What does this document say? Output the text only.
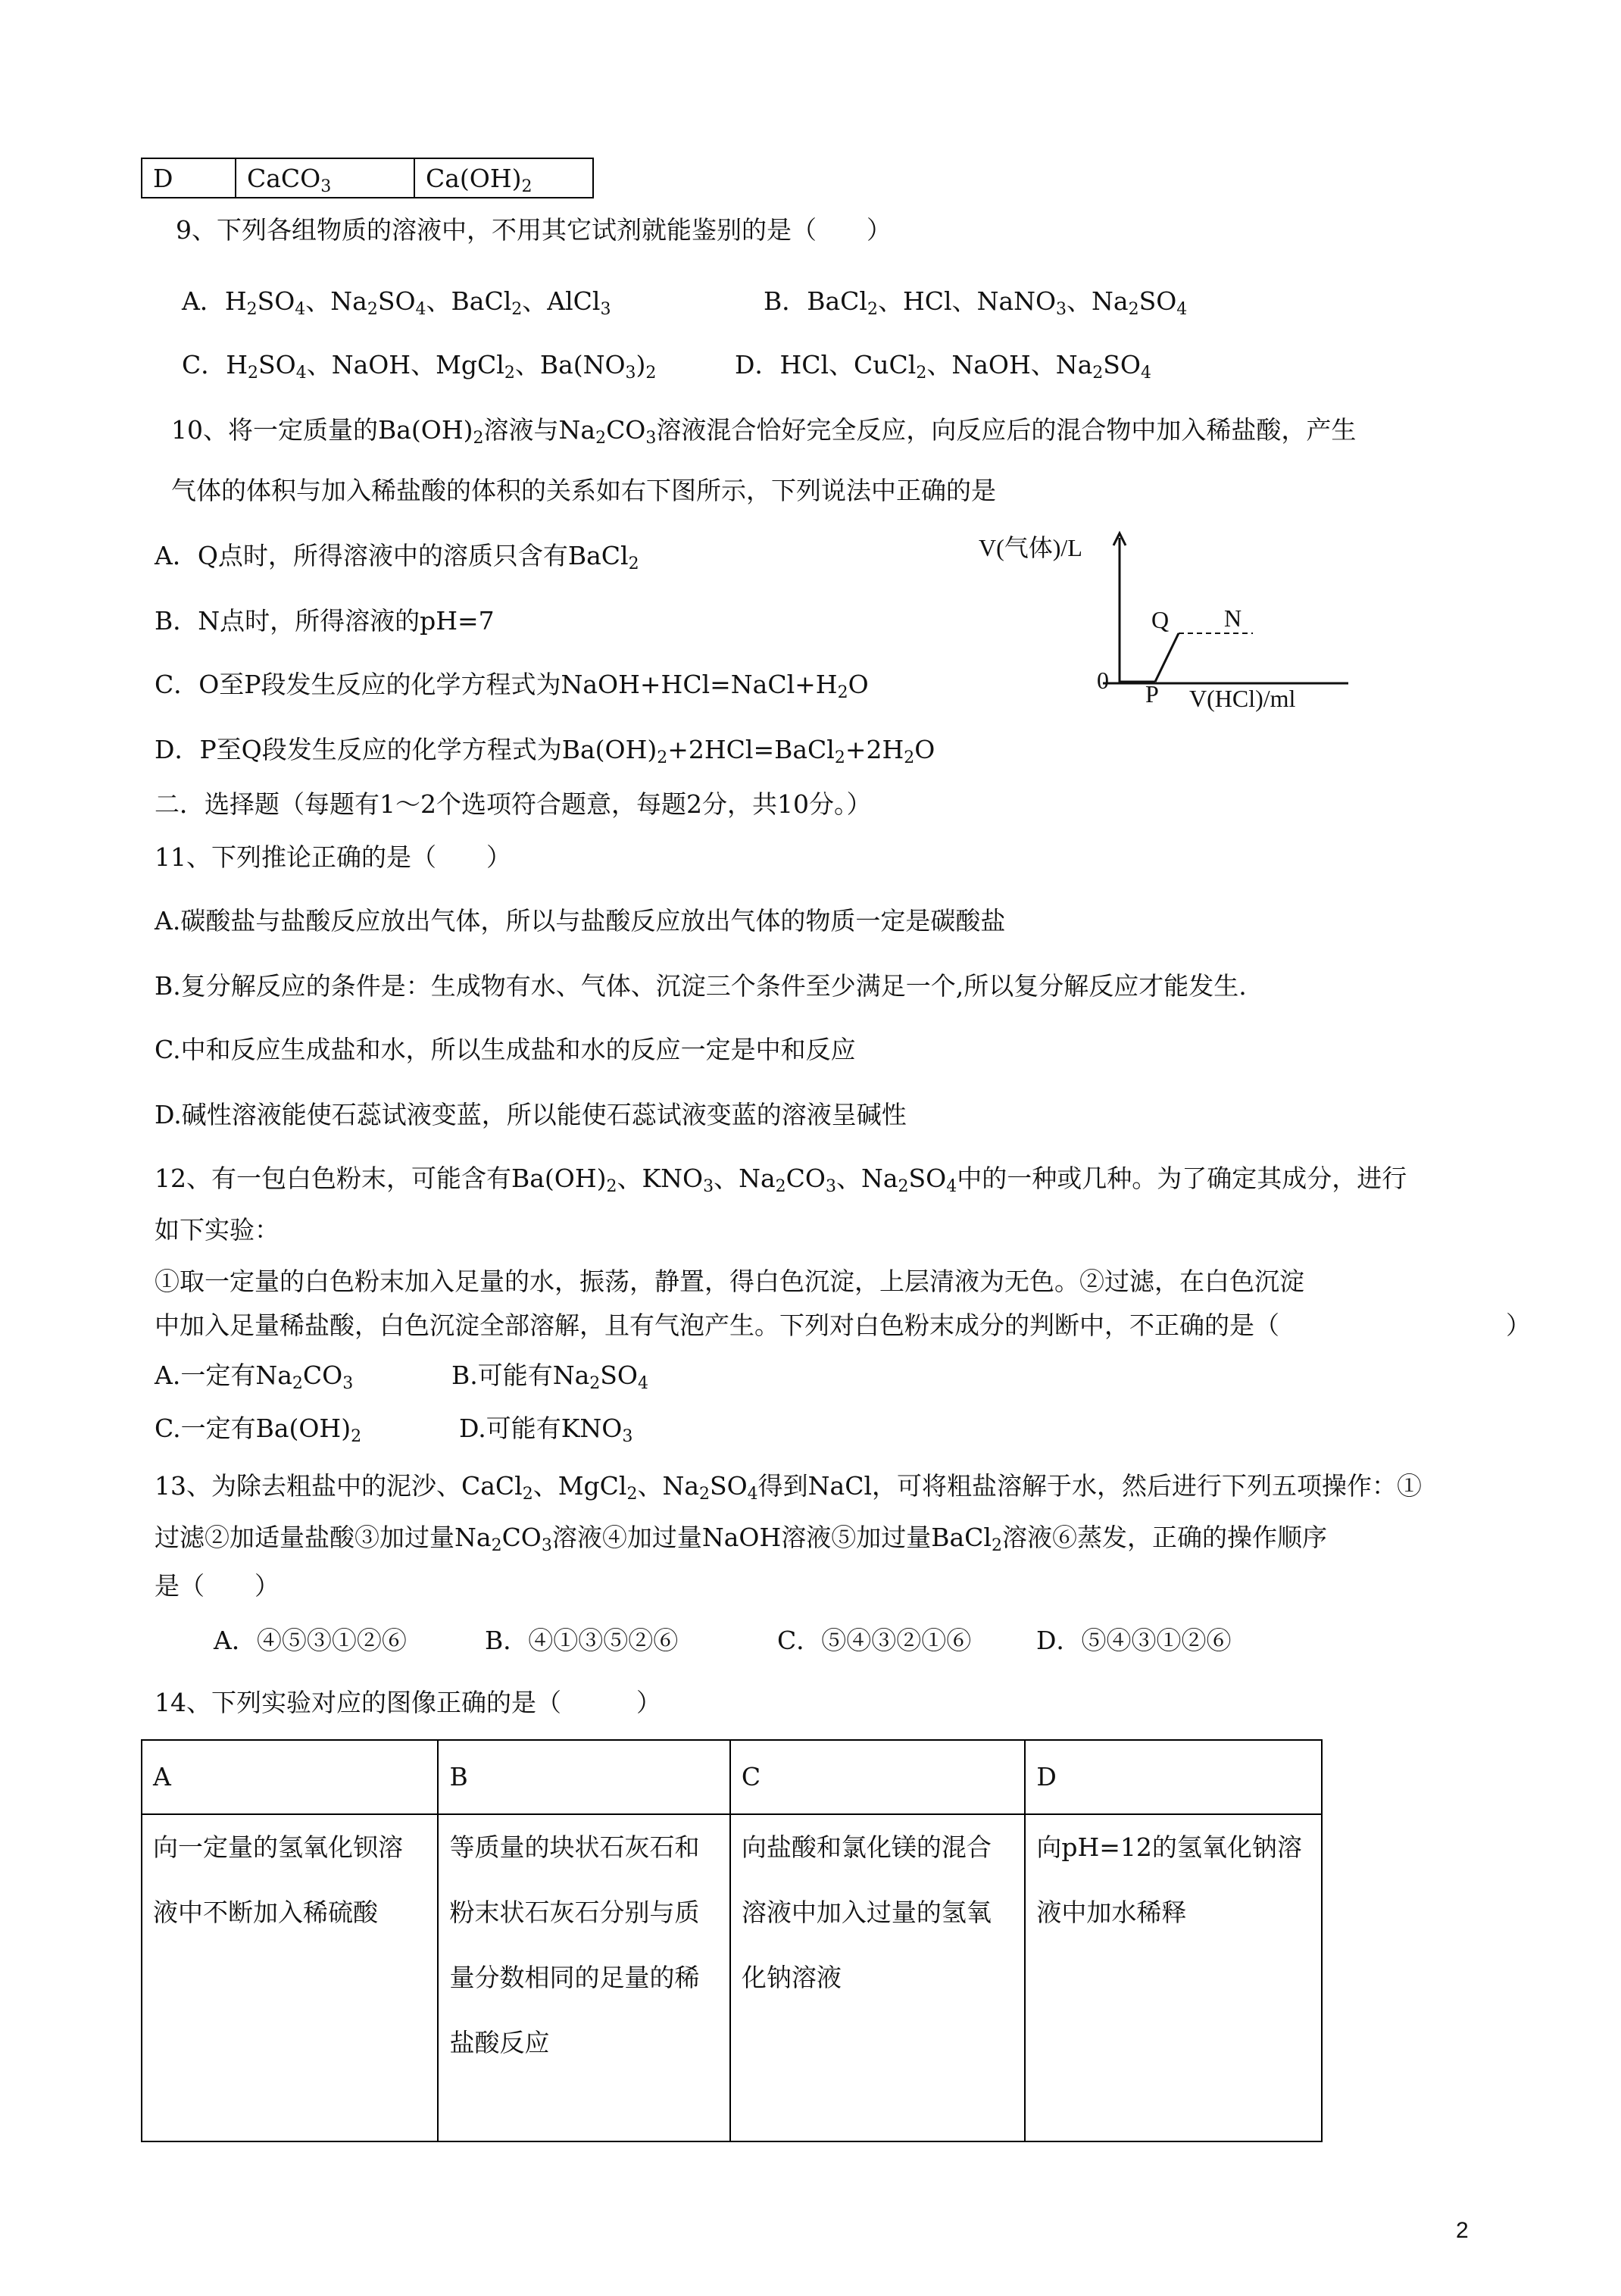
D	CaCO$_3$	$Ca(OH)_2$
9、下列各组物质的溶液中，不用其它试剂就能鉴别的是（　　）
A．$H_2SO_4$、$Na_2SO_4$、BaCl$_2$、AlCl$_3$	B．BaCl$_2$、HCl、NaNO$_3$、$Na_2SO_4$
C．$H_2SO_4$、NaOH、MgCl$_2$、$Ba(NO_3)_2$	D．HCl、CuCl$_2$、NaOH、$Na_2SO_4$
10、将一定质量的$Ba(OH)_2$溶液与$Na_2CO_3$溶液混合恰好完全反应，向反应后的混合物中加入稀盐酸，产生
气体的体积与加入稀盐酸的体积的关系如右下图所示，下列说法中正确的是
A．Q点时，所得溶液中的溶质只含有BaCl$_2$
B．N点时，所得溶液的pH=7
C．O至P段发生反应的化学方程式为$NaOH+HCl=NaCl+H_2O$
D．P至Q段发生反应的化学方程式为$Ba(OH)_2+2HCl=BaCl_2+2H_2O$
V(气体)/L
V(HCl)/ml
0 P
Q N
二．选择题（每题有1～2个选项符合题意，每题2分，共10分。）
11、下列推论正确的是（　　）
A.碳酸盐与盐酸反应放出气体，所以与盐酸反应放出气体的物质一定是碳酸盐
B.复分解反应的条件是：生成物有水、气体、沉淀三个条件至少满足一个,所以复分解反应才能发生.
C.中和反应生成盐和水，所以生成盐和水的反应一定是中和反应
D.碱性溶液能使石蕊试液变蓝，所以能使石蕊试液变蓝的溶液呈碱性
12、有一包白色粉末，可能含有$Ba(OH)_2$、$KNO_3$、$Na_2CO_3$、$Na_2SO_4$中的一种或几种。为了确定其成分，进行
如下实验：
①取一定量的白色粉末加入足量的水，振荡，静置，得白色沉淀，上层清液为无色。②过滤，在白色沉淀
中加入足量稀盐酸，白色沉淀全部溶解，且有气泡产生。下列对白色粉末成分的判断中，不正确的是（	）
A.一定有$Na_2CO_3$	B.可能有$Na_2SO_4$
C.一定有$Ba(OH)_2$	D.可能有$KNO_3$
13、为除去粗盐中的泥沙、CaCl$_2$、MgCl$_2$、$Na_2SO_4$得到NaCl，可将粗盐溶解于水，然后进行下列五项操作：①
过滤②加适量盐酸③加过量$Na_2CO_3$溶液④加过量NaOH溶液⑤加过量BaCl$_2$溶液⑥蒸发，正确的操作顺序
是（　　）
A．④⑤③①②⑥	B．④①③⑤②⑥	C．⑤④③②①⑥	D．⑤④③①②⑥
14、下列实验对应的图像正确的是（　　　）
A	B	C	D
向一定量的氢氧化钡溶液中不断加入稀硫酸	等质量的块状石灰石和粉末状石灰石分别与质量分数相同的足量的稀盐酸反应	向盐酸和氯化镁的混合溶液中加入过量的氢氧化钠溶液	向pH=12的氢氧化钠溶液中加水稀释
2
